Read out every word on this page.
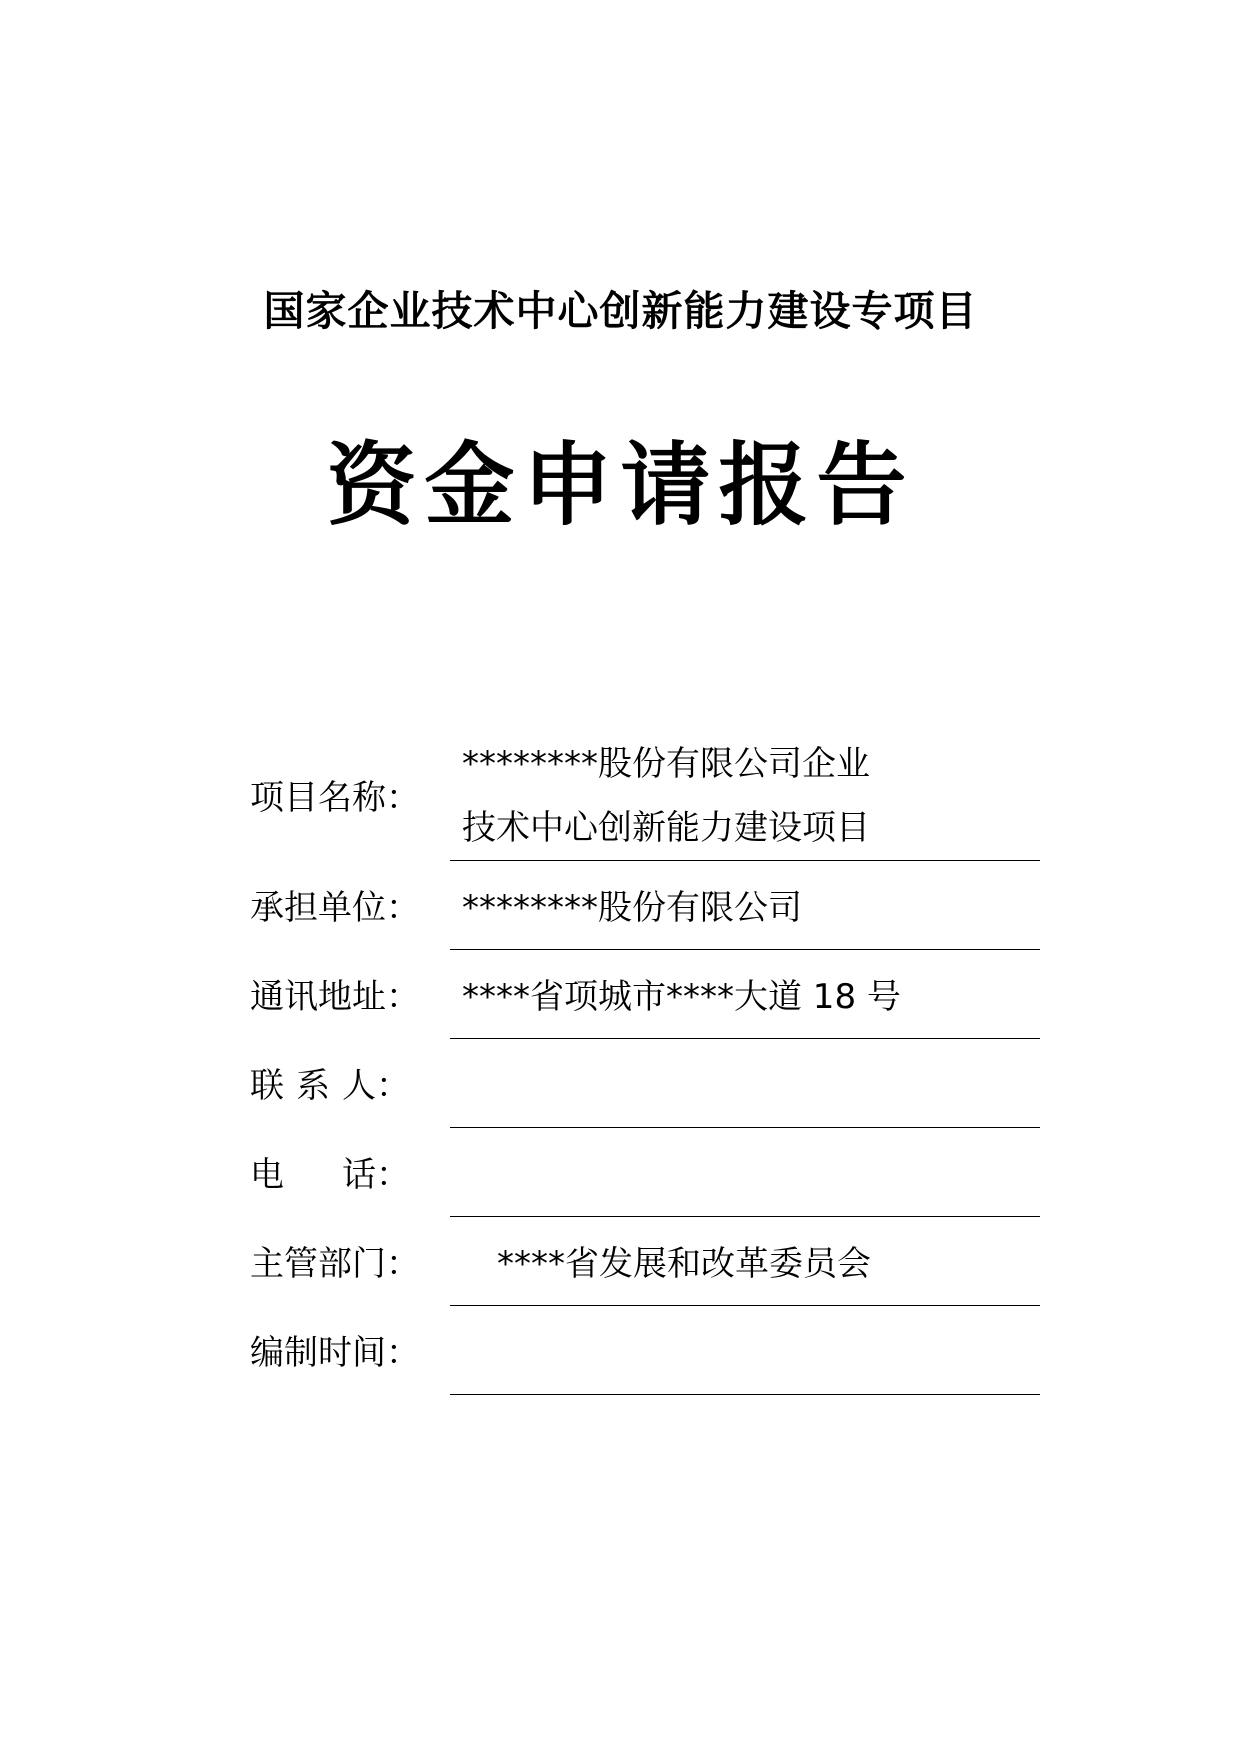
国家企业技术中心创新能力建设专项目
资金申请报告
项目名称：
********股份有限公司企业
技术中心创新能力建设项目
承担单位： ********股份有限公司
通讯地址： ****省项城市****大道 18 号
联 系 人：
电 话：
主管部门： ****省发展和改革委员会
编制时间：
